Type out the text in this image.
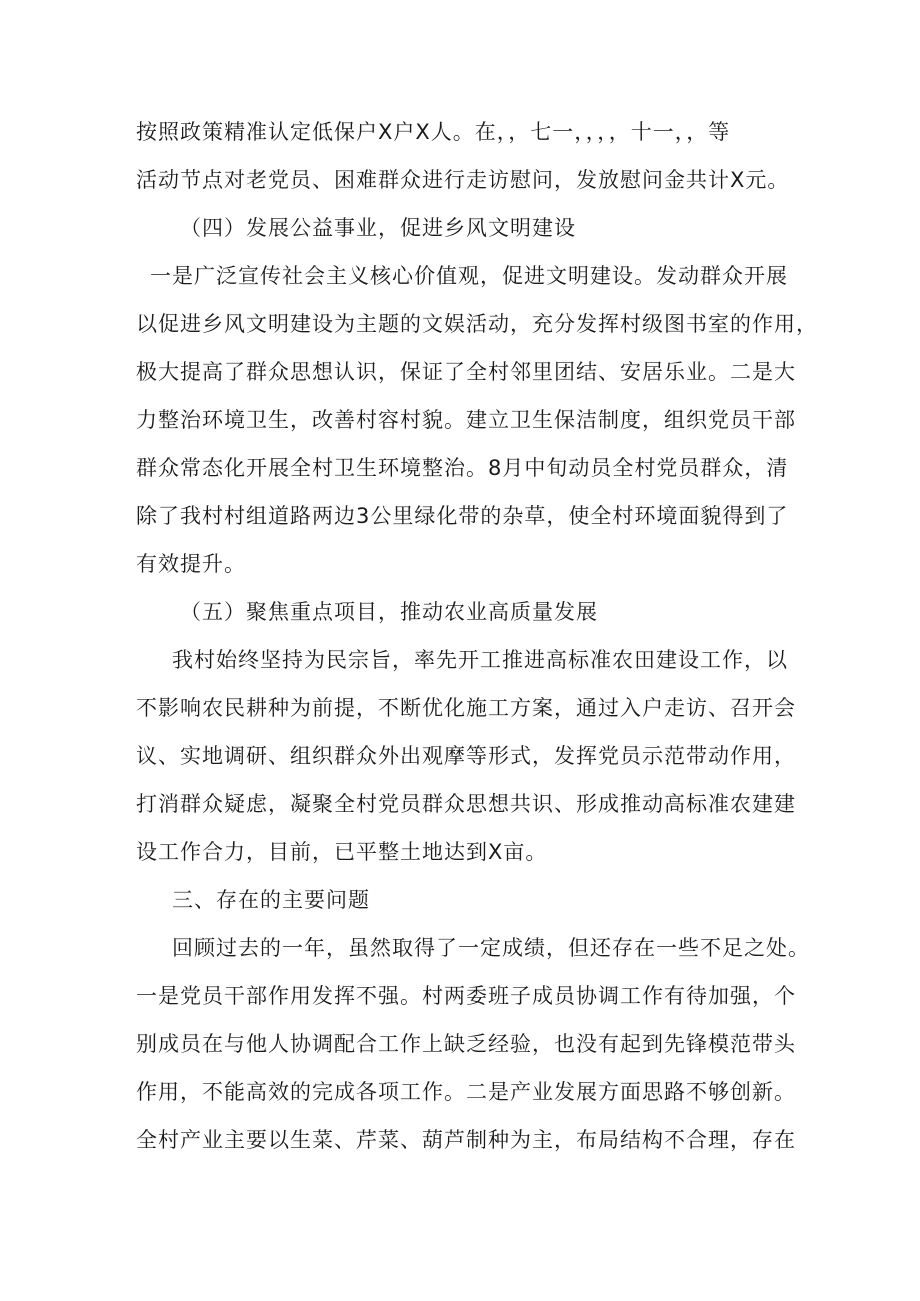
按照政策精准认定低保户X户X人。在，，七一，，，，十一，，等
活动节点对老党员、困难群众进行走访慰问，发放慰问金共计X元。
（四）发展公益事业，促进乡风文明建设
一是广泛宣传社会主义核心价值观，促进文明建设。发动群众开展
以促进乡风文明建设为主题的文娱活动，充分发挥村级图书室的作用，
极大提高了群众思想认识，保证了全村邻里团结、安居乐业。二是大
力整治环境卫生，改善村容村貌。建立卫生保洁制度，组织党员干部
群众常态化开展全村卫生环境整治。8月中旬动员全村党员群众，清
除了我村村组道路两边3公里绿化带的杂草，使全村环境面貌得到了
有效提升。
（五）聚焦重点项目，推动农业高质量发展
我村始终坚持为民宗旨，率先开工推进高标准农田建设工作，以
不影响农民耕种为前提，不断优化施工方案，通过入户走访、召开会
议、实地调研、组织群众外出观摩等形式，发挥党员示范带动作用，
打消群众疑虑，凝聚全村党员群众思想共识、形成推动高标准农建建
设工作合力，目前，已平整土地达到X亩。
三、存在的主要问题
回顾过去的一年，虽然取得了一定成绩，但还存在一些不足之处。
一是党员干部作用发挥不强。村两委班子成员协调工作有待加强，个
别成员在与他人协调配合工作上缺乏经验，也没有起到先锋模范带头
作用，不能高效的完成各项工作。二是产业发展方面思路不够创新。
全村产业主要以生菜、芹菜、葫芦制种为主，布局结构不合理，存在
